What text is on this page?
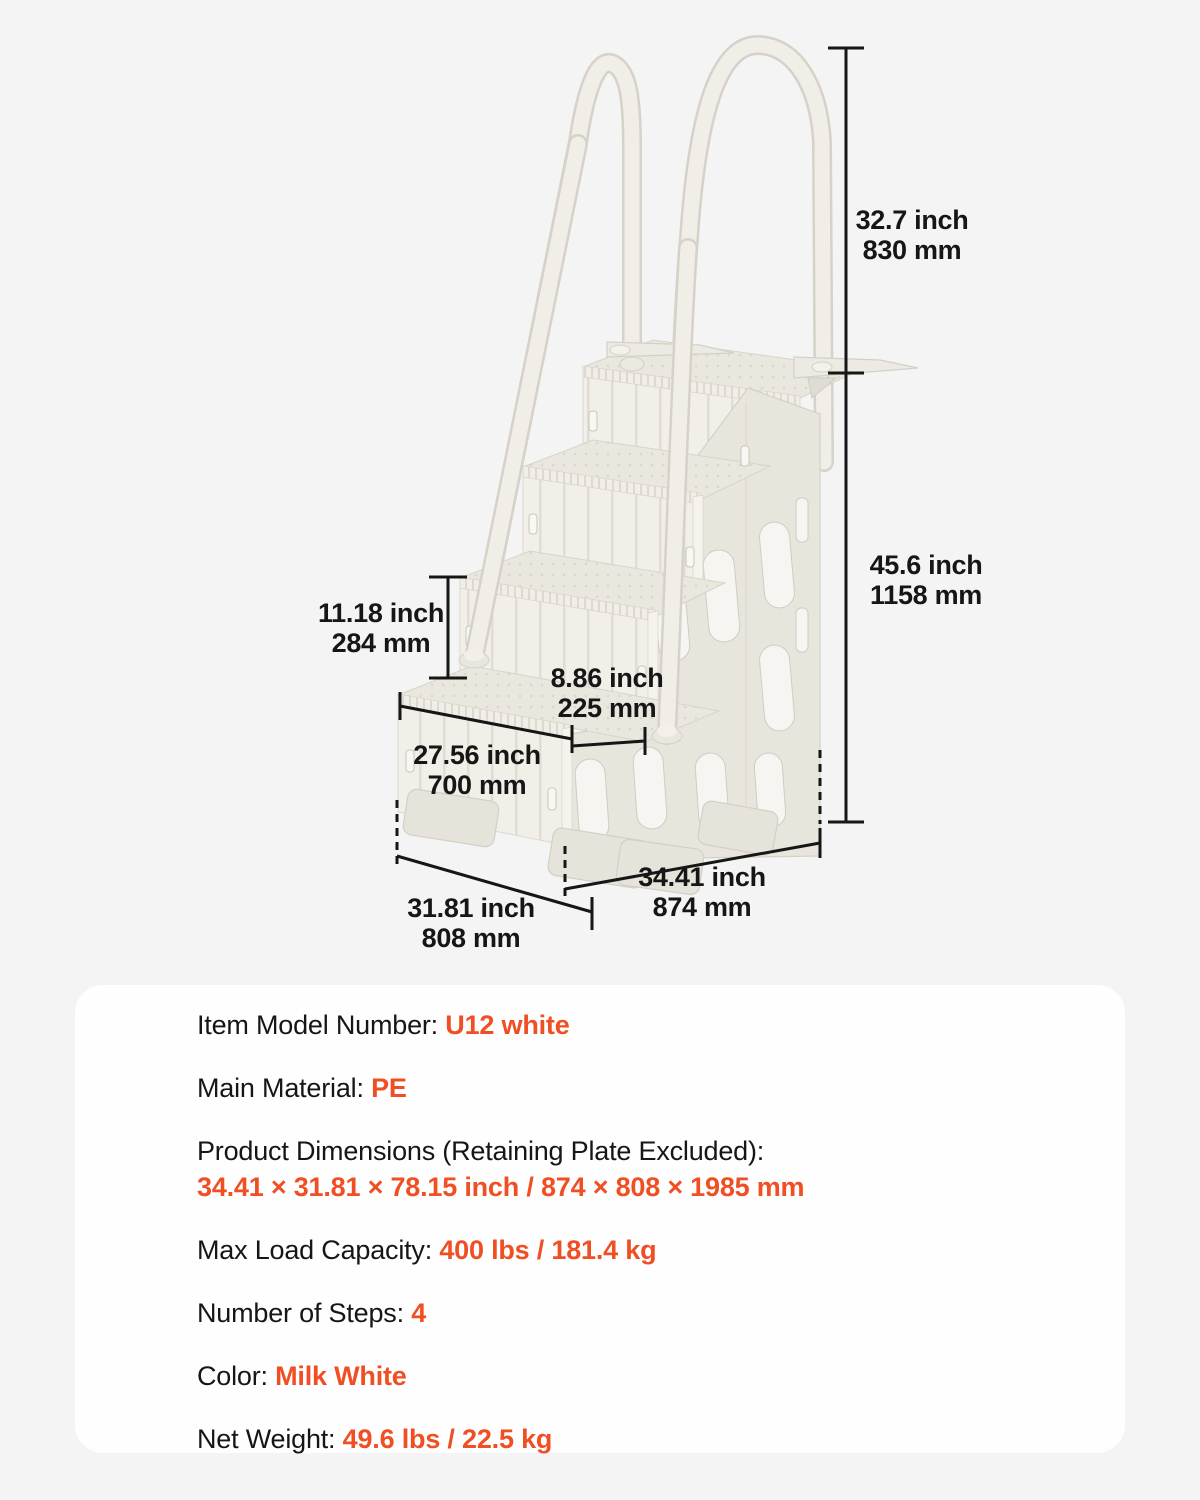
32.7 inch
830 mm
45.6 inch
1158 mm
11.18 inch
284 mm
8.86 inch
225 mm
27.56 inch
700 mm
31.81 inch
808 mm
34.41 inch
874 mm
Item Model Number: U12 white
Main Material: PE
Product Dimensions (Retaining Plate Excluded):
34.41 × 31.81 × 78.15 inch / 874 × 808 × 1985 mm
Max Load Capacity: 400 lbs / 181.4 kg
Number of Steps: 4
Color: Milk White
Net Weight: 49.6 lbs / 22.5 kg
